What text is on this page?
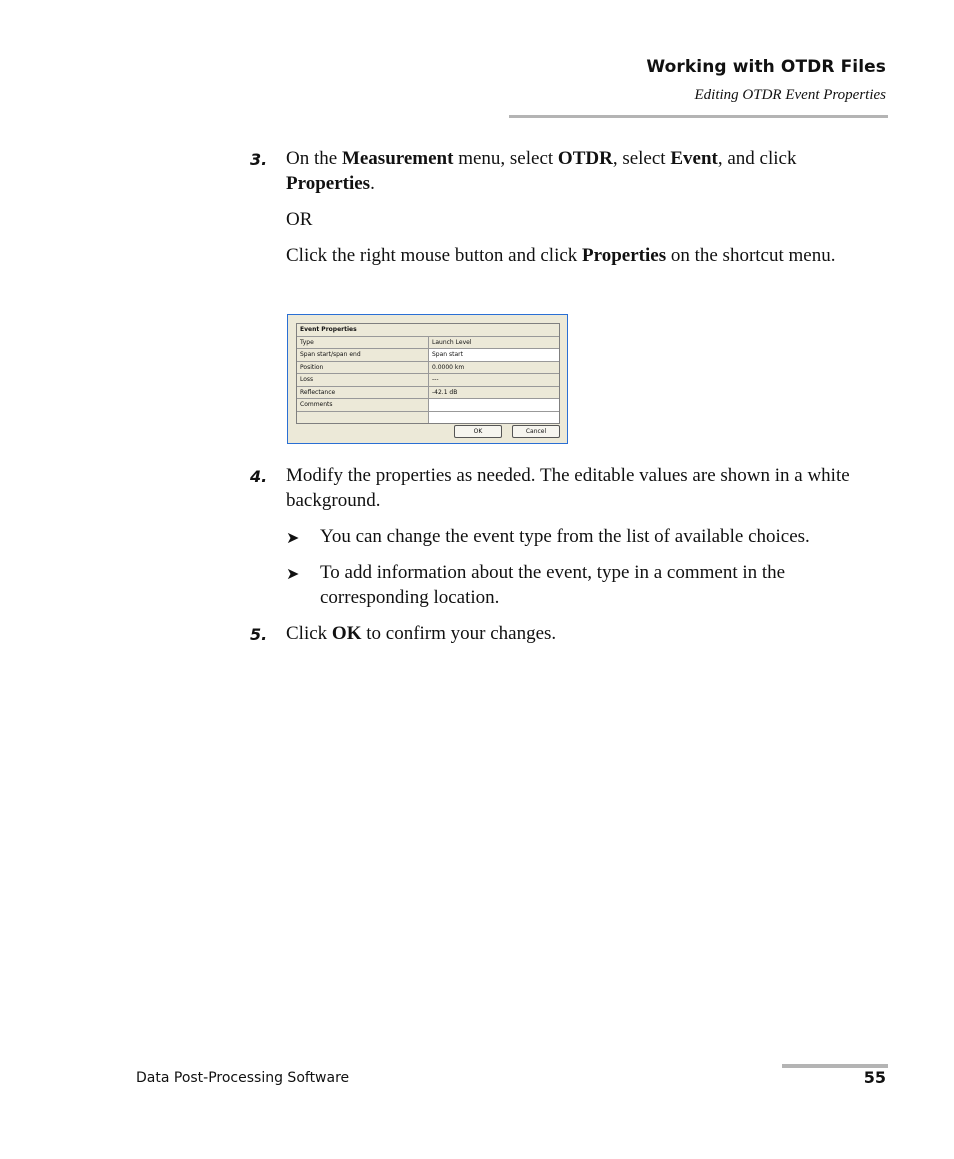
Working with OTDR Files
Editing OTDR Event Properties
3. On the Measurement menu, select OTDR, select Event, and click Properties.
OR
Click the right mouse button and click Properties on the shortcut menu.
Event Properties
Type	Launch Level
Span start/span end	Span start
Position	0.0000 km
Loss	---
Reflectance	-42.1 dB
Comments
OK	Cancel
4. Modify the properties as needed. The editable values are shown in a white background.
➤ You can change the event type from the list of available choices.
➤ To add information about the event, type in a comment in the corresponding location.
5. Click OK to confirm your changes.
Data Post-Processing Software	55
